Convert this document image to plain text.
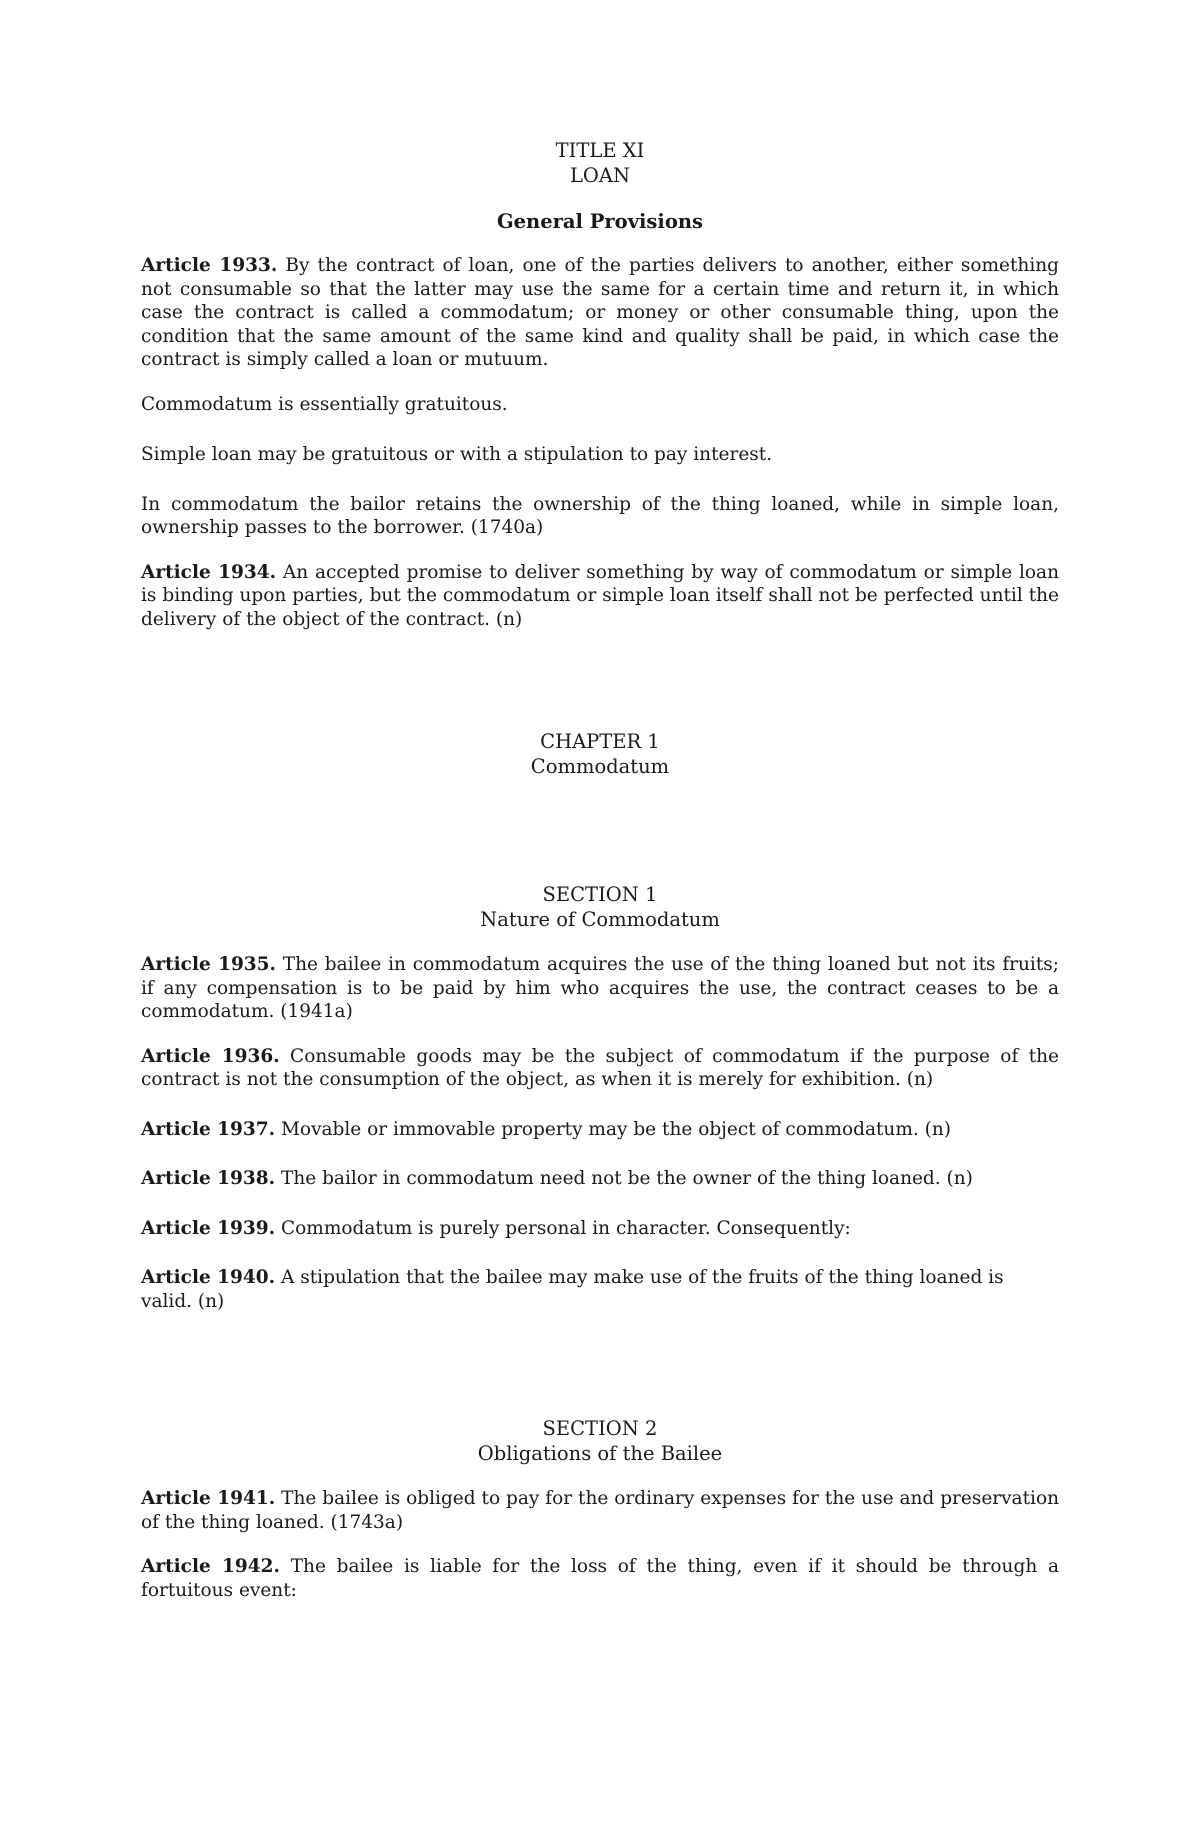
TITLE XI

LOAN

General Provisions

Article 1933. By the contract of loan, one of the parties delivers to another, either something not consumable so that the latter may use the same for a certain time and return it, in which case the contract is called a commodatum; or money or other consumable thing, upon the condition that the same amount of the same kind and quality shall be paid, in which case the contract is simply called a loan or mutuum.

Commodatum is essentially gratuitous.

Simple loan may be gratuitous or with a stipulation to pay interest.

In commodatum the bailor retains the ownership of the thing loaned, while in simple loan, ownership passes to the borrower. (1740a)

Article 1934. An accepted promise to deliver something by way of commodatum or simple loan is binding upon parties, but the commodatum or simple loan itself shall not be perfected until the delivery of the object of the contract. (n)

CHAPTER 1

Commodatum

SECTION 1

Nature of Commodatum

Article 1935. The bailee in commodatum acquires the use of the thing loaned but not its fruits; if any compensation is to be paid by him who acquires the use, the contract ceases to be a commodatum. (1941a)

Article 1936. Consumable goods may be the subject of commodatum if the purpose of the contract is not the consumption of the object, as when it is merely for exhibition. (n)

Article 1937. Movable or immovable property may be the object of commodatum. (n)

Article 1938. The bailor in commodatum need not be the owner of the thing loaned. (n)

Article 1939. Commodatum is purely personal in character. Consequently:

Article 1940. A stipulation that the bailee may make use of the fruits of the thing loaned is valid. (n)

SECTION 2

Obligations of the Bailee

Article 1941. The bailee is obliged to pay for the ordinary expenses for the use and preservation of the thing loaned. (1743a)

Article 1942. The bailee is liable for the loss of the thing, even if it should be through a fortuitous event:
